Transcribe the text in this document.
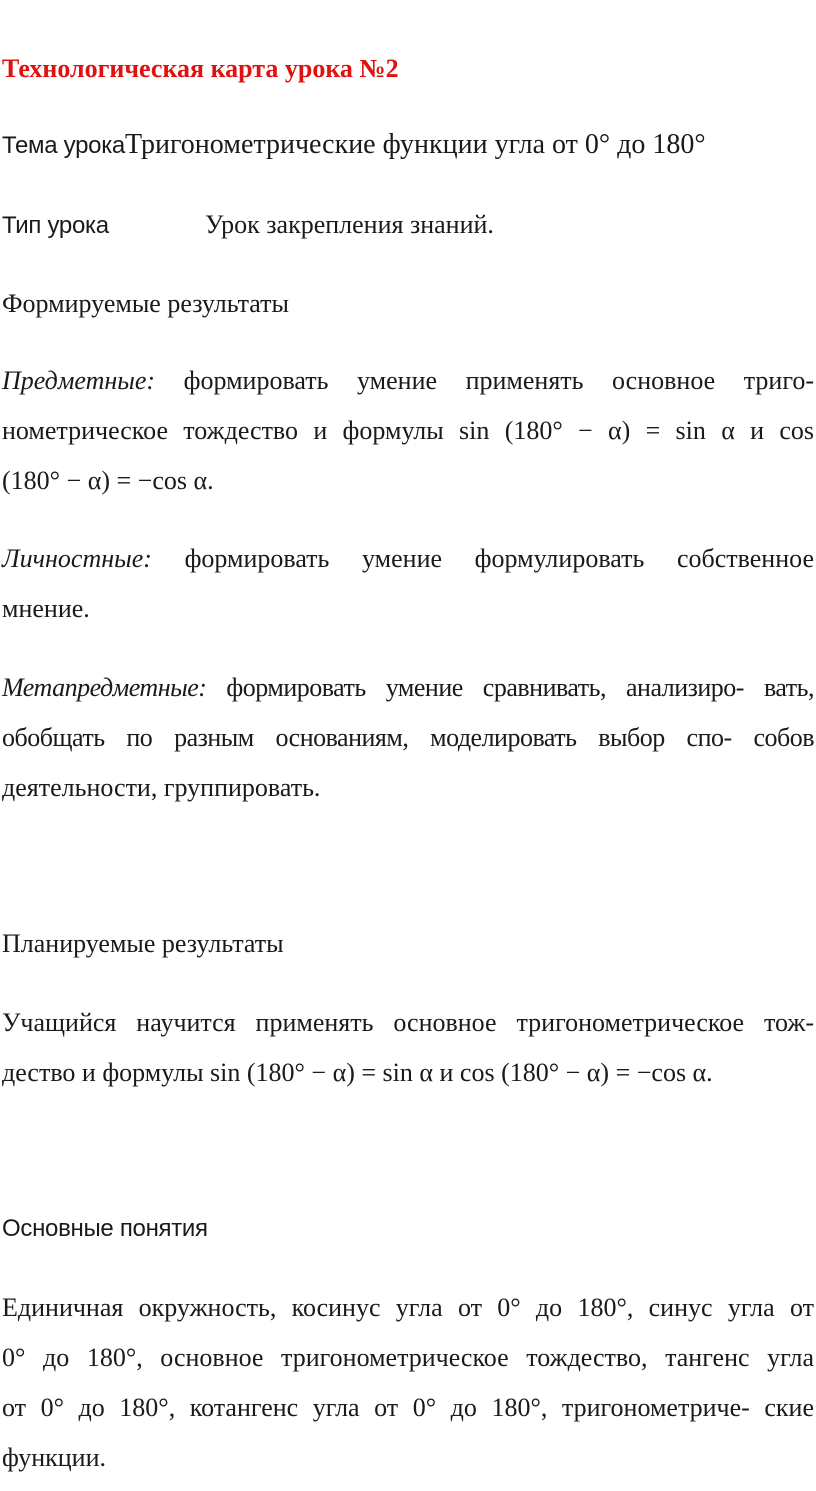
Технологическая карта урока №2
Тема урокаТригонометрические функции угла от 0° до 180°
Тип урока	Урок закрепления знаний.
Формируемые результаты
Предметные: формировать умение применять основное триго-
нометрическое тождество и формулы sin (180° − α) = sin α и cos
(180° − α) = −cos α.
Личностные: формировать умение формулировать собственное
мнение.
Метапредметные: формировать умение сравнивать, анализиро- вать,
обобщать по разным основаниям, моделировать выбор спо- собов
деятельности, группировать.
Планируемые результаты
Учащийся научится применять основное тригонометрическое тож-
дество и формулы sin (180° − α) = sin α и cos (180° − α) = −cos α.
Основные понятия
Единичная окружность, косинус угла от 0° до 180°, синус угла от
0° до 180°, основное тригонометрическое тождество, тангенс угла
от 0° до 180°, котангенс угла от 0° до 180°, тригонометриче- ские
функции.
